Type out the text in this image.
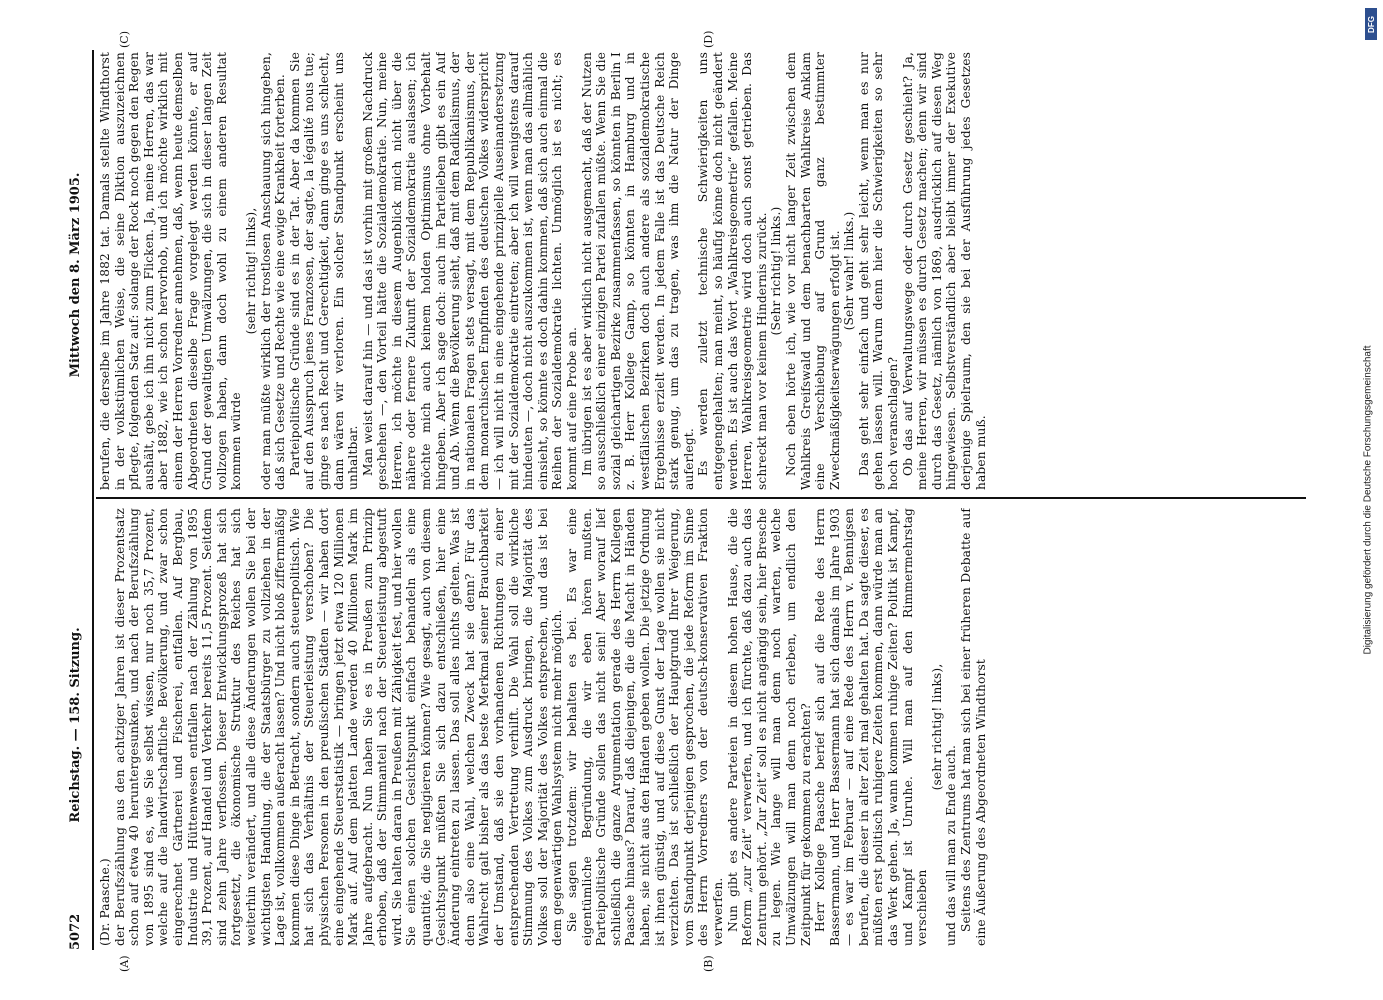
5072
Reichstag. — 158. Sitzung.
Mittwoch den 8. März 1905.
(A)	(B)
(C)	(D)

(Dr. Paasche.) der Berufszählung aus den achtziger Jahren ist dieser Prozentsatz schon auf etwa 40 heruntergesunken, und nach der Berufszählung von 1895 sind es, wie Sie selbst wissen, nur noch 35,7 Prozent, welche auf die landwirtschaftliche Bevölkerung, und zwar schon eingerechnet Gärtnerei und Fischerei, entfallen. Auf Bergbau, Industrie und Hüttenwesen entfallen nach der Zählung von 1895 39,1 Prozent, auf Handel und Verkehr bereits 11,5 Prozent. Seitdem sind zehn Jahre verflossen. Dieser Entwicklungsprozeß hat sich fortgesetzt, die ökonomische Struktur des Reiches hat sich weiterhin verändert, und alle diese Änderungen wollen Sie bei der wichtigsten Handlung, die der Staatsbürger zu vollziehen in der Lage ist, vollkommen außeracht lassen? Und nicht bloß ziffernmäßig kommen diese Dinge in Betracht, sondern auch steuerpolitisch. Wie hat sich das Verhältnis der Steuerleistung verschoben? Die physischen Personen in den preußischen Städten — wir haben dort eine eingehende Steuerstatistik — bringen jetzt etwa 120 Millionen Mark auf. Auf dem platten Lande werden 40 Millionen Mark im Jahre aufgebracht. Nun haben Sie es in Preußen zum Prinzip erhoben, daß der Stimmanteil nach der Steuerleistung abgestuft wird. Sie halten daran in Preußen mit Zähigkeit fest, und hier wollen Sie einen solchen Gesichtspunkt einfach behandeln als eine quantité, die Sie negligieren können? Wie gesagt, auch von diesem Gesichtspunkt müßten Sie sich dazu entschließen, hier eine Änderung eintreten zu lassen. Das soll alles nichts gelten. Was ist denn also eine Wahl, welchen Zweck hat sie denn? Für das Wahlrecht galt bisher als das beste Merkmal seiner Brauchbarkeit der Umstand, daß sie den vorhandenen Richtungen zu einer entsprechenden Vertretung verhilft. Die Wahl soll die wirkliche Stimmung des Volkes zum Ausdruck bringen, die Majorität des Volkes soll der Majorität des Volkes entsprechen, und das ist bei dem gegenwärtigen Wahlsystem nicht mehr möglich. Sie sagen trotzdem: wir behalten es bei. Es war eine eigentümliche Begründung, die wir eben hören mußten. Parteipolitische Gründe sollen das nicht sein! Aber worauf lief schließlich die ganze Argumentation gerade des Herrn Kollegen Paasche hinaus? Darauf, daß diejenigen, die die Macht in Händen haben, sie nicht aus den Händen geben wollen. Die jetzige Ordnung ist ihnen günstig, und auf diese Gunst der Lage wollen sie nicht verzichten. Das ist schließlich der Hauptgrund Ihrer Weigerung, vom Standpunkt derjenigen gesprochen, die jede Reform im Sinne des Herrn Vorredners von der deutsch-konservativen Fraktion verwerfen. Nun gibt es andere Parteien in diesem hohen Hause, die die Reform „zur Zeit“ verwerfen, und ich fürchte, daß dazu auch das Zentrum gehört. „Zur Zeit“ soll es nicht angängig sein, hier Bresche zu legen. Wie lange will man denn noch warten, welche Umwälzungen will man denn noch erleben, um endlich den Zeitpunkt für gekommen zu erachten? Herr Kollege Paasche berief sich auf die Rede des Herrn Bassermann, und Herr Bassermann hat sich damals im Jahre 1903 — es war im Februar — auf eine Rede des Herrn v. Bennigsen berufen, die dieser in alter Zeit mal gehalten hat. Da sagte dieser, es müßten erst politisch ruhigere Zeiten kommen, dann würde man an das Werk gehen. Ja, wann kommen ruhige Zeiten? Politik ist Kampf, und Kampf ist Unruhe. Will man auf den Rimmermehrstag verschieben

(sehr richtig! links),

und das will man zu Ende auch. Seitens des Zentrums hat man sich bei einer früheren Debatte auf eine Äußerung des Abgeordneten Windthorst

berufen, die derselbe im Jahre 1882 tat. Damals stellte Windthorst in der volkstümlichen Weise, die seine Diktion auszuzeichnen pflegte, folgenden Satz auf: solange der Rock noch gegen den Regen aushält, gebe ich ihn nicht zum Flicken. Ja, meine Herren, das war aber 1882, wie ich schon hervorhob, und ich möchte wirklich mit einem der Herren Vorredner annehmen, daß, wenn heute demselben Abgeordneten dieselbe Frage vorgelegt werden könnte, er auf Grund der gewaltigen Umwälzungen, die sich in dieser langen Zeit vollzogen haben, dann doch wohl zu einem anderen Resultat kommen würde

(sehr richtig! links), oder man müßte wirklich der trostlosen Anschauung sich hingeben, daß sich Gesetze und Rechte wie eine ewige Krankheit forterben. Parteipolitische Gründe sind es in der Tat. Aber da kommen Sie auf den Ausspruch jenes Franzosen, der sagte, la légalité nous tue; ginge es nach Recht und Gerechtigkeit, dann ginge es uns schlecht, dann wären wir verloren. Ein solcher Standpunkt erscheint uns unhaltbar. Man weist darauf hin — und das ist vorhin mit großem Nachdruck geschehen —, den Vorteil hätte die Sozialdemokratie. Nun, meine Herren, ich möchte in diesem Augenblick mich nicht über die nähere oder fernere Zukunft der Sozialdemokratie auslassen; ich möchte mich auch keinem holden Optimismus ohne Vorbehalt hingeben. Aber ich sage doch: auch im Parteileben gibt es ein Auf und Ab. Wenn die Bevölkerung sieht, daß mit dem Radikalismus, der in nationalen Fragen stets versagt, mit dem Republikanismus, der dem monarchischen Empfinden des deutschen Volkes widerspricht — ich will nicht in eine eingehende prinzipielle Auseinandersetzung mit der Sozialdemokratie eintreten; aber ich will wenigstens darauf hindeuten —, doch nicht auszukommen ist, wenn man das allmählich einsieht, so könnte es doch dahin kommen, daß sich auch einmal die Reihen der Sozialdemokratie lichten. Unmöglich ist es nicht; es kommt auf eine Probe an. Im übrigen ist es aber wirklich nicht ausgemacht, daß der Nutzen so ausschließlich einer einzigen Partei zufallen müßte. Wenn Sie die sozial gleichartigen Bezirke zusammenfassen, so könnten in Berlin I z. B. Herr Kollege Gamp, so könnten in Hamburg und in westfälischen Bezirken doch auch andere als sozialdemokratische Ergebnisse erzielt werden. In jedem Falle ist das Deutsche Reich stark genug, um das zu tragen, was ihm die Natur der Dinge auferlegt. Es werden zuletzt technische Schwierigkeiten uns entgegengehalten; man meint, so häufig könne doch nicht geändert werden. Es ist auch das Wort „Wahlkreisgeometrie“ gefallen. Meine Herren, Wahlkreisgeometrie wird doch auch sonst getrieben. Das schreckt man vor keinem Hindernis zurück. (Sehr richtig! links.) Noch eben hörte ich, wie vor nicht langer Zeit zwischen dem Wahlkreis Greifswald und dem benachbarten Wahlkreise Anklam eine Verschiebung auf Grund ganz bestimmter Zweckmäßigkeitserwägungen erfolgt ist. (Sehr wahr! links.) Das geht sehr einfach und geht sehr leicht, wenn man es nur gehen lassen will. Warum denn hier die Schwierigkeiten so sehr hoch veranschlagen? Ob das auf Verwaltungswege oder durch Gesetz geschieht? Ja, meine Herren, wir müssen es durch Gesetz machen; denn wir sind durch das Gesetz, nämlich von 1869, ausdrücklich auf diesen Weg hingewiesen. Selbstverständlich aber bleibt immer der Exekutive derjenige Spielraum, den sie bei der Ausführung jedes Gesetzes haben muß.

DFG
Digitalisierung gefördert durch die Deutsche Forschungsgemeinschaft
